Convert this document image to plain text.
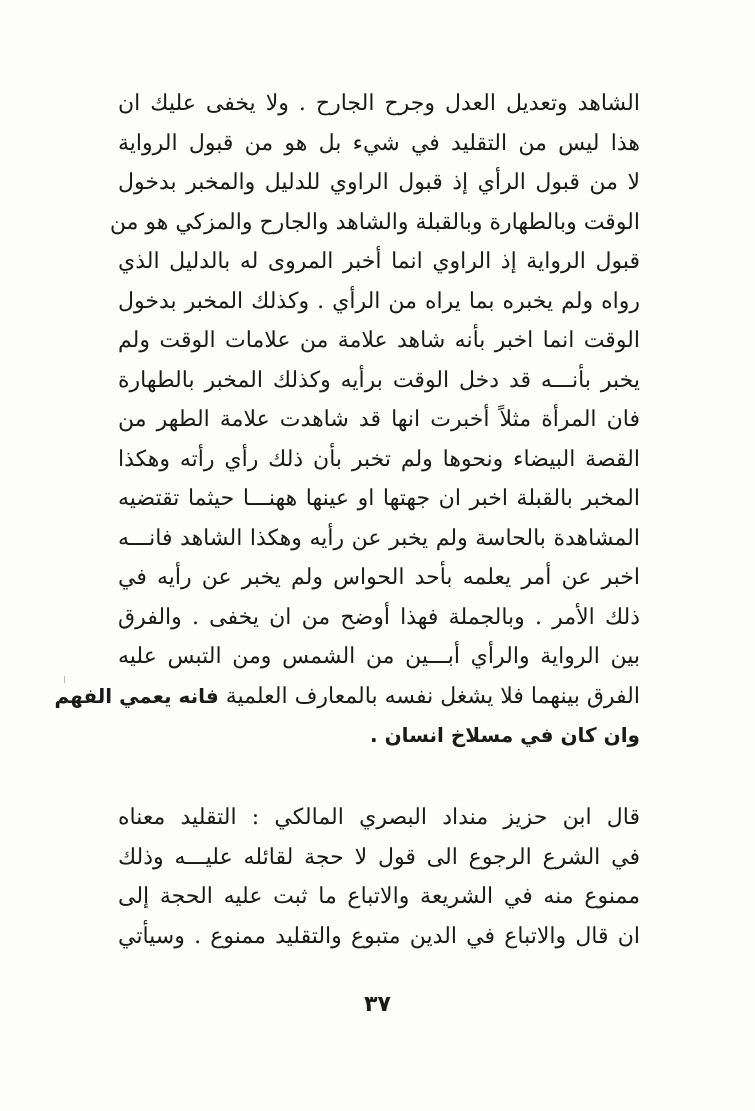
الشاهد وتعديل العدل وجرح الجارح . ولا يخفى عليك ان
هذا ليس من التقليد في شيء بل هو من قبول الرواية
لا من قبول الرأي إذ قبول الراوي للدليل والمخبر بدخول
الوقت وبالطهارة وبالقبلة والشاهد والجارح والمزكي هو من
قبول الرواية إذ الراوي انما أخبر المروى له بالدليل الذي
رواه ولم يخبره بما يراه من الرأي . وكذلك المخبر بدخول
الوقت انما اخبر بأنه شاهد علامة من علامات الوقت ولم
يخبر بأنـــه قد دخل الوقت برأيه وكذلك المخبر بالطهارة
فان المرأة مثلاً أخبرت انها قد شاهدت علامة الطهر من
القصة البيضاء ونحوها ولم تخبر بأن ذلك رأي رأته وهكذا
المخبر بالقبلة اخبر ان جهتها او عينها ههنـــا حيثما تقتضيه
المشاهدة بالحاسة ولم يخبر عن رأيه وهكذا الشاهد فانـــه
اخبر عن أمر يعلمه بأحد الحواس ولم يخبر عن رأيه في
ذلك الأمر . وبالجملة فهذا أوضح من ان يخفى . والفرق
بين الرواية والرأي أبـــين من الشمس ومن التبس عليه
الفرق بينهما فلا يشغل نفسه بالمعارف العلمية فانه يعمي الفهم
وان كان في مسلاخ انسان .
قال ابن حزيز منداد البصري المالكي : التقليد معناه
في الشرع الرجوع الى قول لا حجة لقائله عليـــه وذلك
ممنوع منه في الشريعة والاتباع ما ثبت عليه الحجة إلى
ان قال والاتباع في الدين متبوع والتقليد ممنوع . وسيأتي
٣٧
